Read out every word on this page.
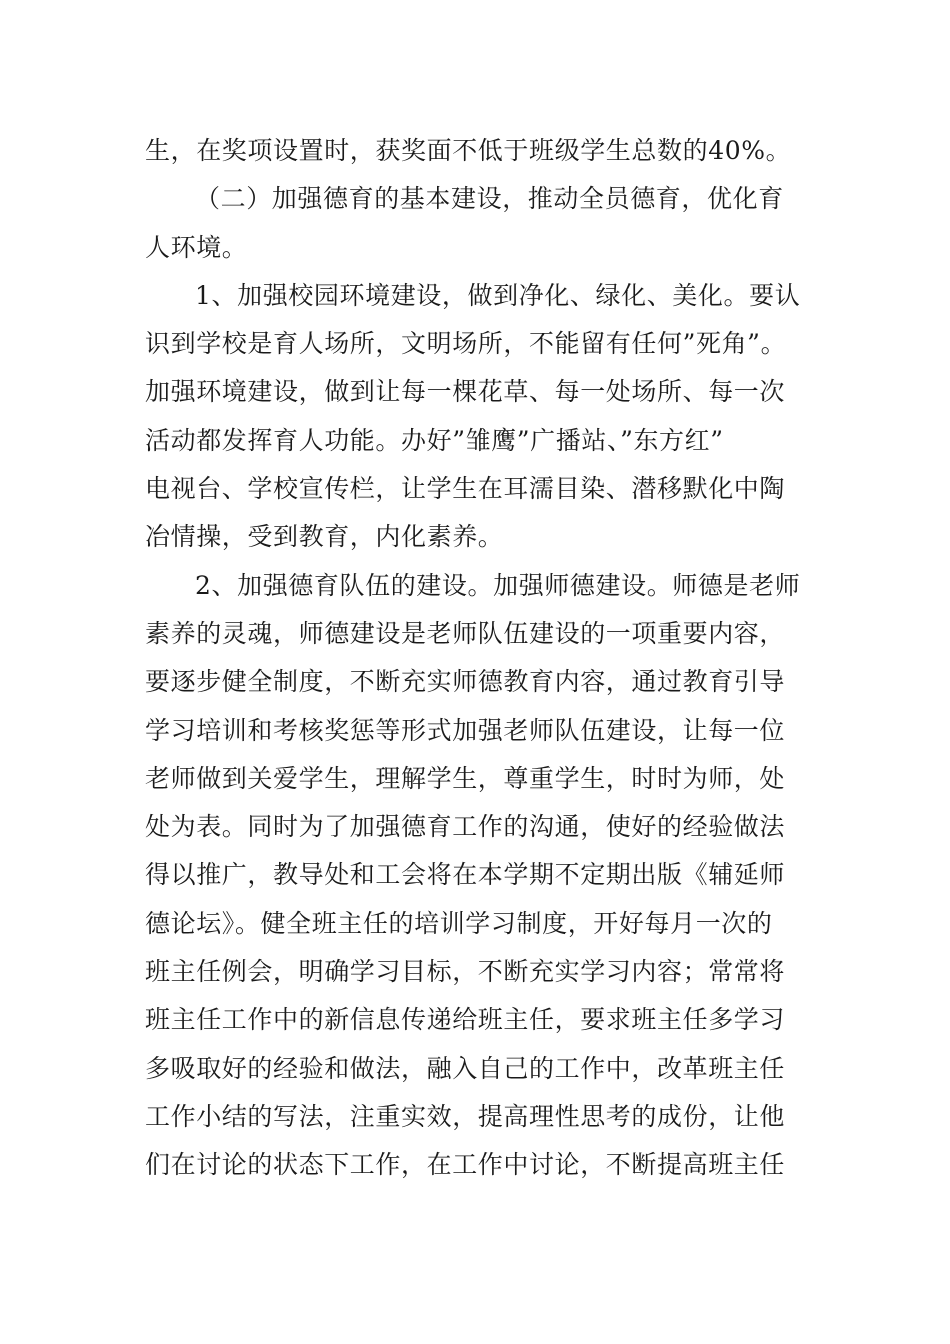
生，在奖项设置时，获奖面不低于班级学生总数的40%。
（二）加强德育的基本建设，推动全员德育，优化育
人环境。
1、加强校园环境建设，做到净化、绿化、美化。要认
识到学校是育人场所，文明场所，不能留有任何”死角”。
加强环境建设，做到让每一棵花草、每一处场所、每一次
活动都发挥育人功能。办好”雏鹰”广播站、”东方红”
电视台、学校宣传栏，让学生在耳濡目染、潜移默化中陶
冶情操，受到教育，内化素养。
2、加强德育队伍的建设。加强师德建设。师德是老师
素养的灵魂，师德建设是老师队伍建设的一项重要内容，
要逐步健全制度，不断充实师德教育内容，通过教育引导
学习培训和考核奖惩等形式加强老师队伍建设，让每一位
老师做到关爱学生，理解学生，尊重学生，时时为师，处
处为表。同时为了加强德育工作的沟通，使好的经验做法
得以推广，教导处和工会将在本学期不定期出版《辅延师
德论坛》。健全班主任的培训学习制度，开好每月一次的
班主任例会，明确学习目标，不断充实学习内容；常常将
班主任工作中的新信息传递给班主任，要求班主任多学习
多吸取好的经验和做法，融入自己的工作中，改革班主任
工作小结的写法，注重实效，提高理性思考的成份，让他
们在讨论的状态下工作，在工作中讨论，不断提高班主任
